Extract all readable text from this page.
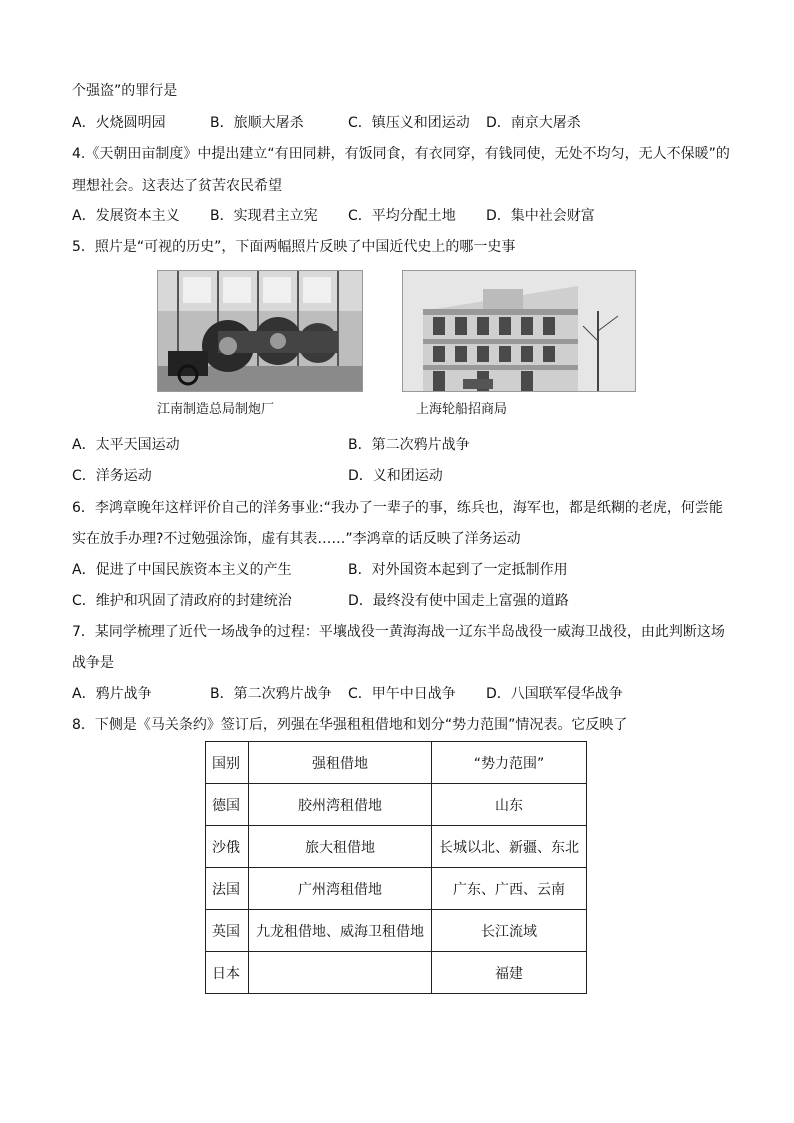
个强盗”的罪行是
A．火烧圆明园	B．旅顺大屠杀	C．镇压义和团运动 D．南京大屠杀
4.《天朝田亩制度》中提出建立“有田同耕，有饭同食，有衣同穿，有钱同使，无处不均匀，无人不保暖”的
理想社会。这表达了贫苦农民希望
A．发展资本主义 B．实现君主立宪 C．平均分配土地 D．集中社会财富
5．照片是“可视的历史”，下面两幅照片反映了中国近代史上的哪一史事
江南制造总局制炮厂	上海轮船招商局
A．太平天国运动	B．第二次鸦片战争
C．洋务运动	D．义和团运动
6．李鸿章晚年这样评价自己的洋务事业:“我办了一辈子的事，练兵也，海军也，都是纸糊的老虎，何尝能
实在放手办理?不过勉强涂饰，虚有其表……”李鸿章的话反映了洋务运动
A．促进了中国民族资本主义的产生	B．对外国资本起到了一定抵制作用
C．维护和巩固了清政府的封建统治	D．最终没有使中国走上富强的道路
7．某同学梳理了近代一场战争的过程：平壤战役一黄海海战一辽东半岛战役一威海卫战役，由此判断这场
战争是
A．鸦片战争	B．第二次鸦片战争 C．甲午中日战争 D．八国联军侵华战争
8．下侧是《马关条约》签订后，列强在华强租租借地和划分“势力范围”情况表。它反映了
国别	强租借地	“势力范围”
德国	胶州湾租借地	山东
沙俄	旅大租借地	长城以北、新疆、东北
法国	广州湾租借地	广东、广西、云南
英国	九龙租借地、威海卫租借地	长江流域
日本		福建
